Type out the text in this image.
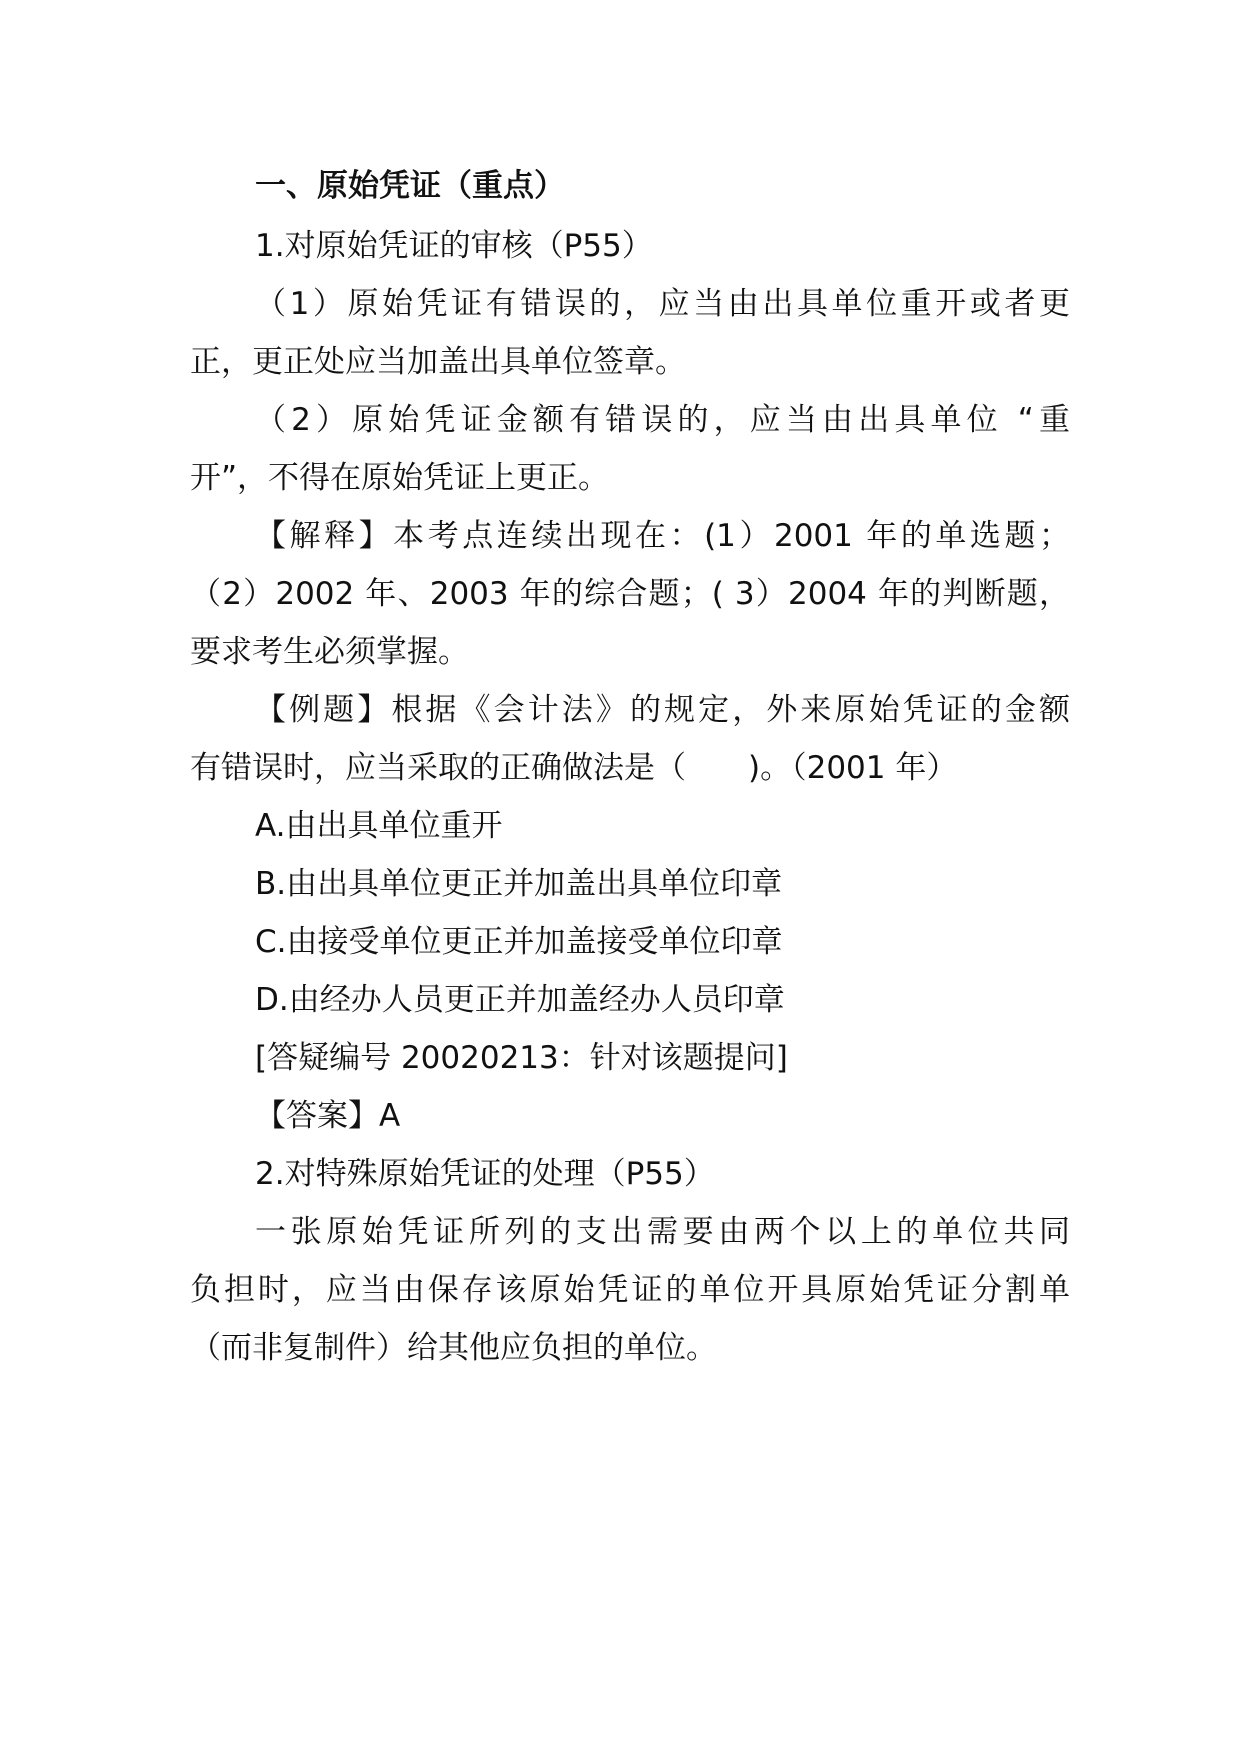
一、原始凭证（重点）
1.对原始凭证的审核（P55）
（1）原始凭证有错误的，应当由出具单位重开或者更
正，更正处应当加盖出具单位签章。
（2）原始凭证金额有错误的，应当由出具单位 “重
开”，不得在原始凭证上更正。
【解释】本考点连续出现在：(1）2001 年的单选题；
（2）2002 年、2003 年的综合题；( 3）2004 年的判断题，
要求考生必须掌握。
【例题】根据《会计法》的规定，外来原始凭证的金额
有错误时，应当采取的正确做法是（　　)。（2001 年）
A.由出具单位重开
B.由出具单位更正并加盖出具单位印章
C.由接受单位更正并加盖接受单位印章
D.由经办人员更正并加盖经办人员印章
[答疑编号 20020213：针对该题提问]
【答案】A
2.对特殊原始凭证的处理（P55）
一张原始凭证所列的支出需要由两个以上的单位共同
负担时，应当由保存该原始凭证的单位开具原始凭证分割单
（而非复制件）给其他应负担的单位。
